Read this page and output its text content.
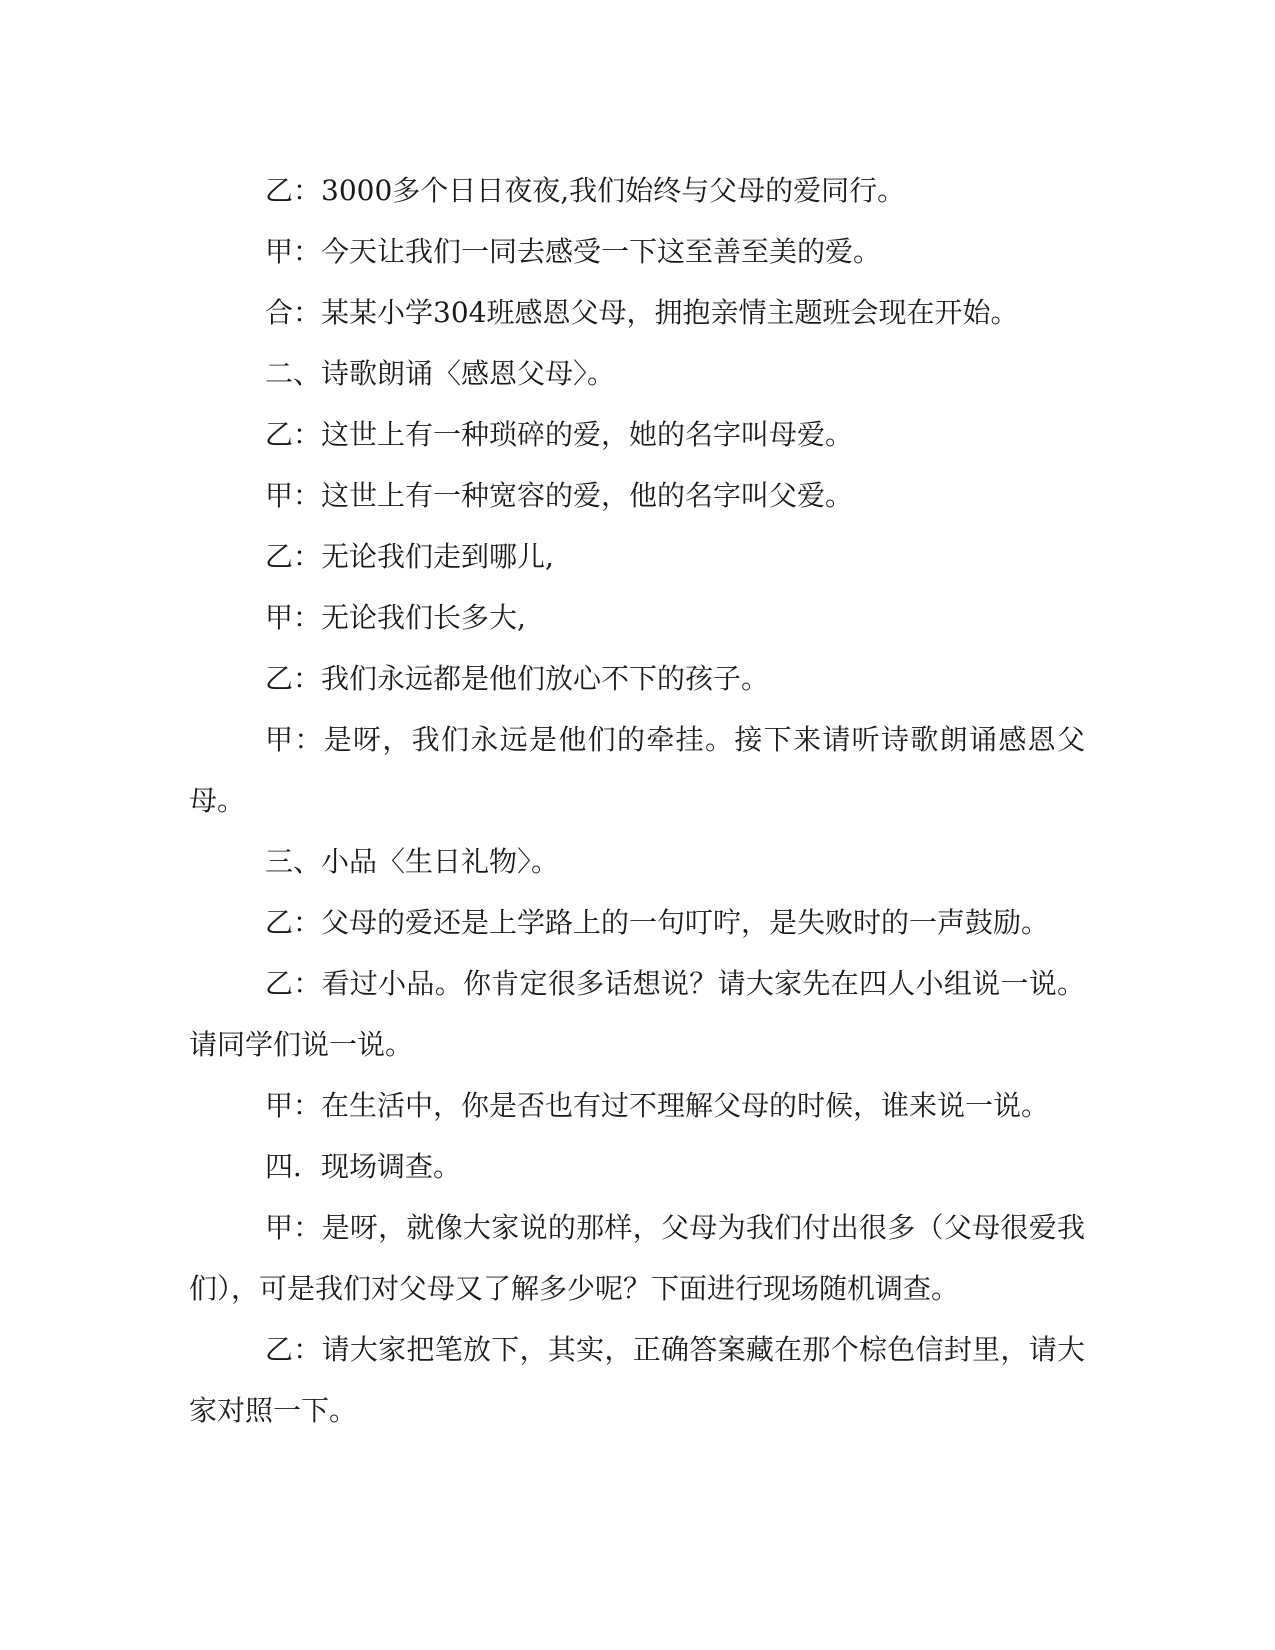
乙：3000多个日日夜夜,我们始终与父母的爱同行。

甲：今天让我们一同去感受一下这至善至美的爱。

合：某某小学304班感恩父母，拥抱亲情主题班会现在开始。

二、诗歌朗诵〈感恩父母〉。

乙：这世上有一种琐碎的爱，她的名字叫母爱。

甲：这世上有一种宽容的爱，他的名字叫父爱。

乙：无论我们走到哪儿,

甲：无论我们长多大,

乙：我们永远都是他们放心不下的孩子。

甲：是呀，我们永远是他们的牵挂。接下来请听诗歌朗诵感恩父母。

三、小品〈生日礼物〉。

乙：父母的爱还是上学路上的一句叮咛，是失败时的一声鼓励。

乙：看过小品。你肯定很多话想说？请大家先在四人小组说一说。请同学们说一说。

甲：在生活中，你是否也有过不理解父母的时候，谁来说一说。

四．现场调查。

甲：是呀，就像大家说的那样，父母为我们付出很多（父母很爱我们），可是我们对父母又了解多少呢？下面进行现场随机调查。

乙：请大家把笔放下，其实，正确答案藏在那个棕色信封里，请大家对照一下。
